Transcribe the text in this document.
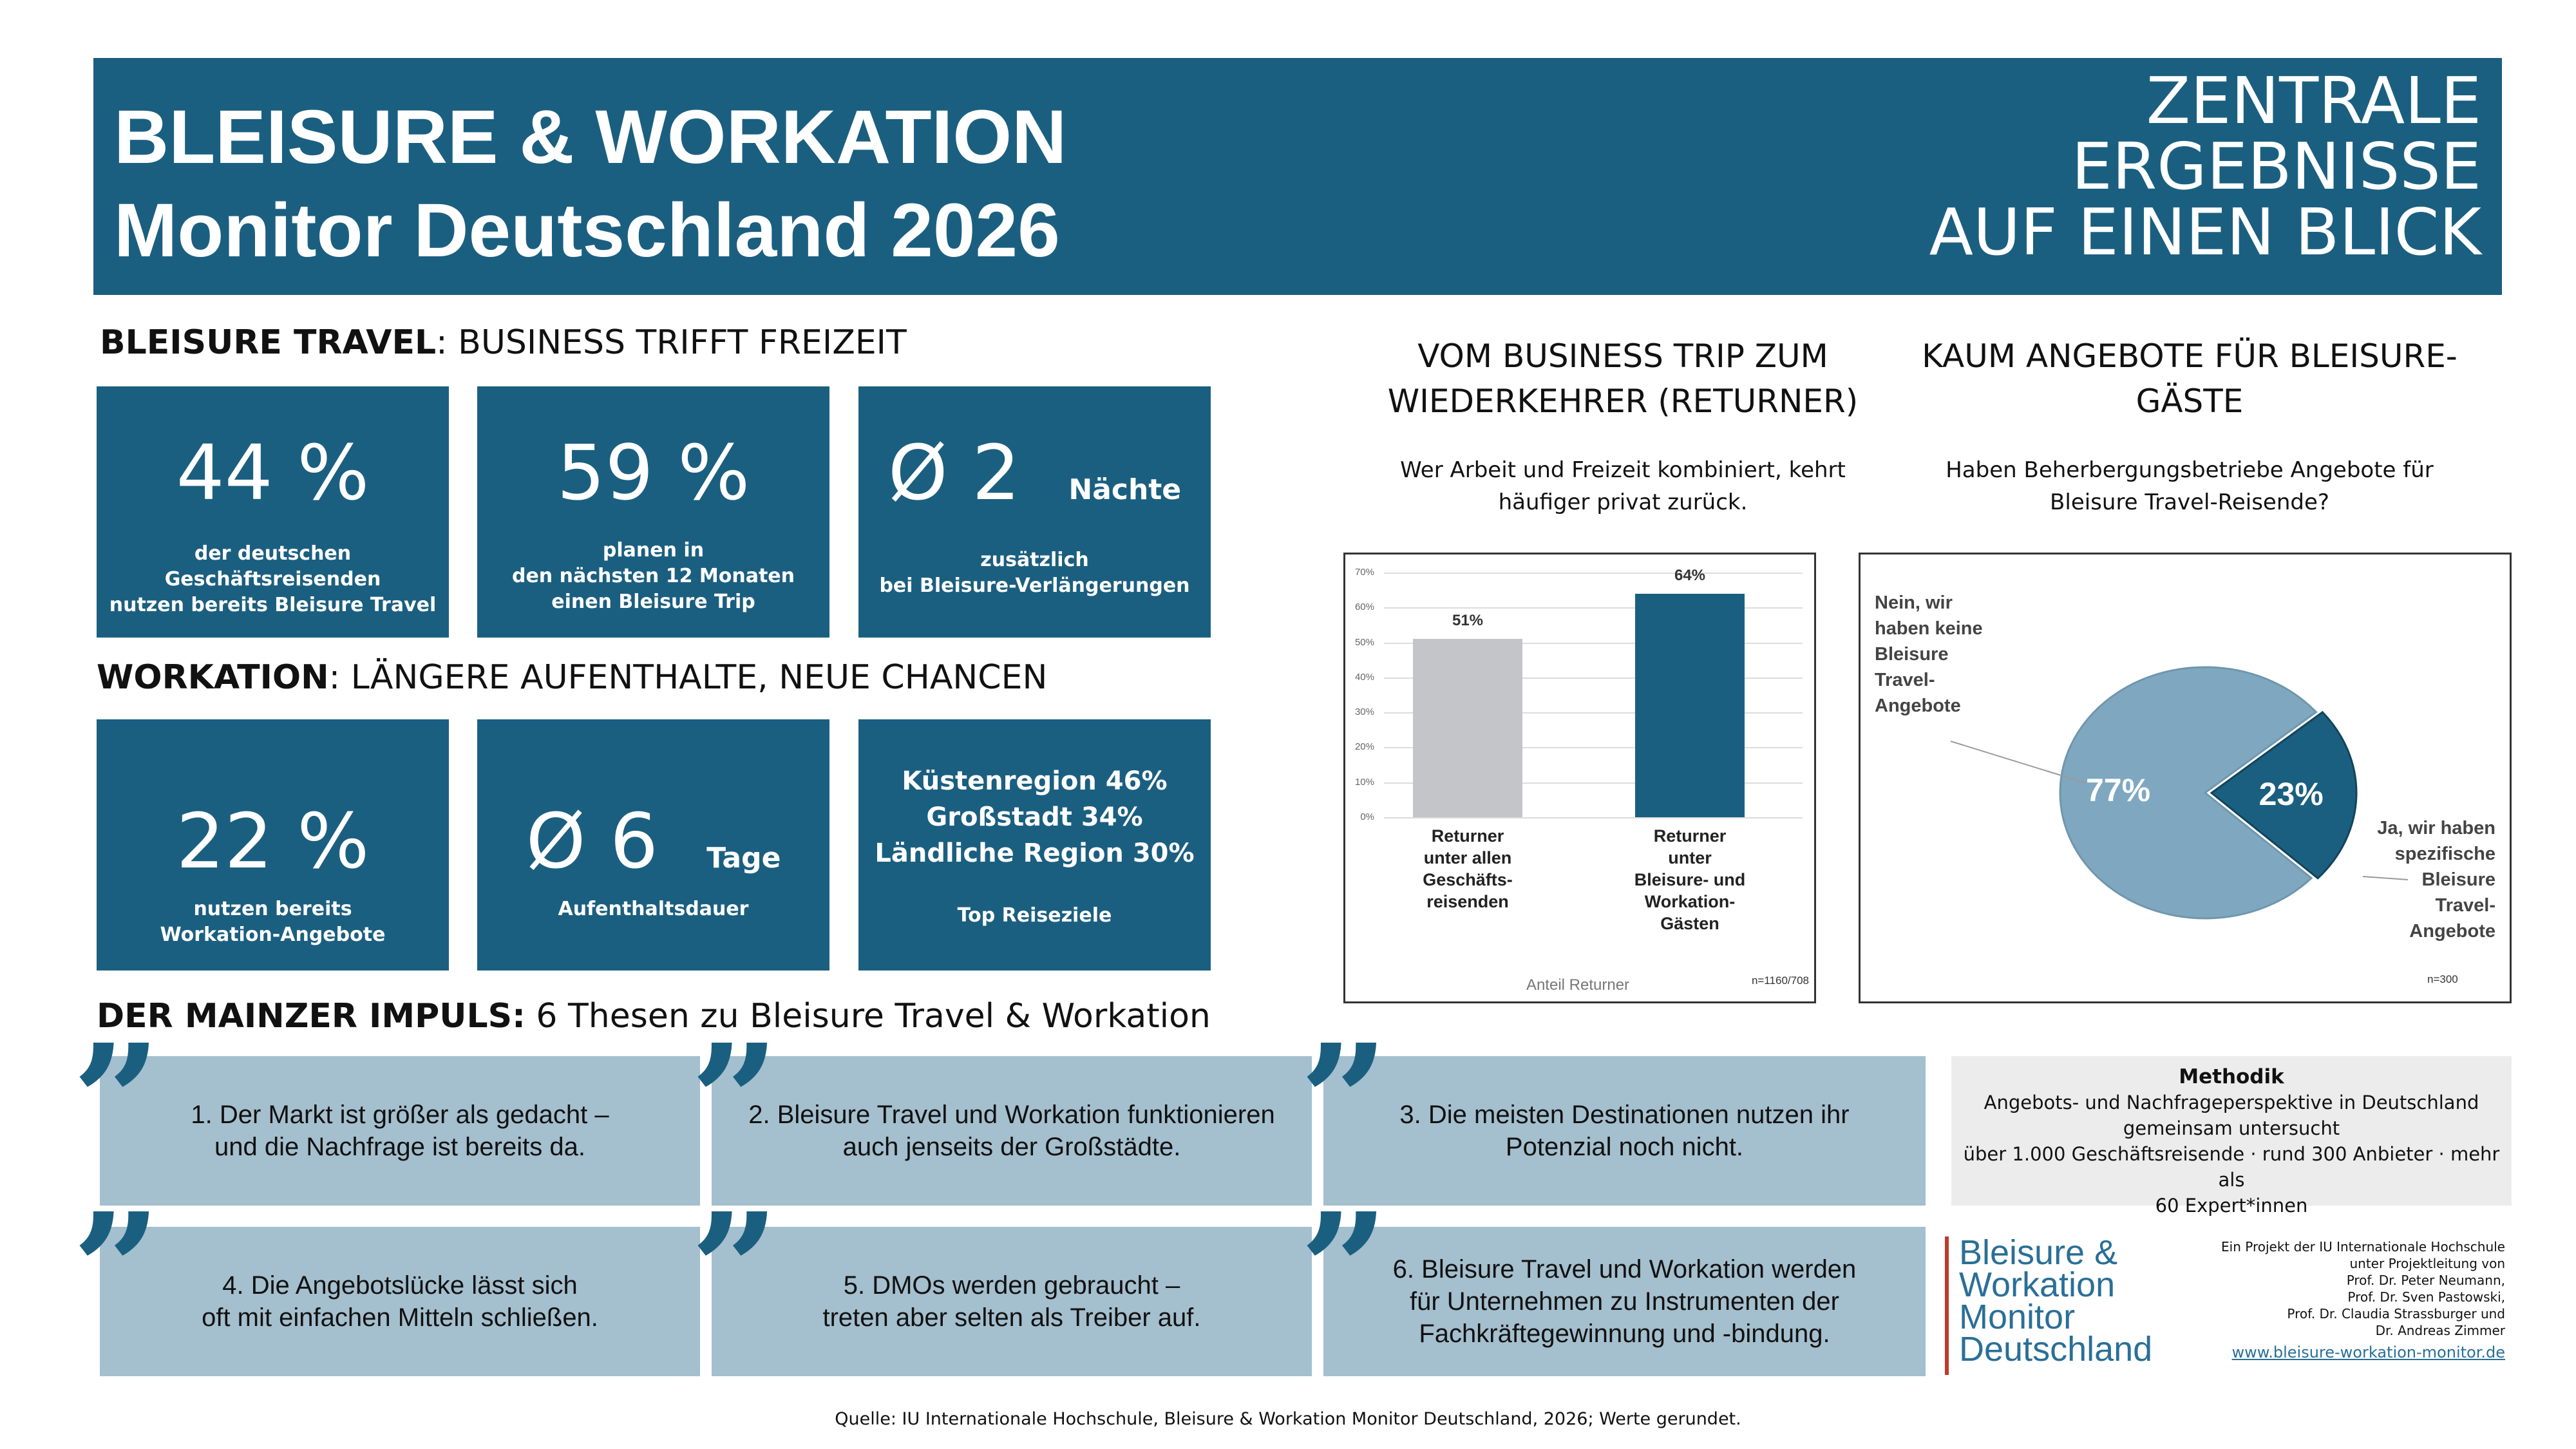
BLEISURE & WORKATION
Monitor Deutschland 2026
ZENTRALE
ERGEBNISSE
AUF EINEN BLICK
BLEISURE TRAVEL: BUSINESS TRIFFT FREIZEIT
44 %
der deutschen Geschäftsreisenden
nutzen bereits Bleisure Travel
59 %
planen in
den nächsten 12 Monaten
einen Bleisure Trip
Ø 2 Nächte
zusätzlich
bei Bleisure-Verlängerungen
WORKATION: LÄNGERE AUFENTHALTE, NEUE CHANCEN
22 %
nutzen bereits
Workation-Angebote
Ø 6 Tage
Aufenthaltsdauer
Küstenregion 46%
Großstadt 34%
Ländliche Region 30%
Top Reiseziele
DER MAINZER IMPULS: 6 Thesen zu Bleisure Travel & Workation
1. Der Markt ist größer als gedacht –
und die Nachfrage ist bereits da.
2. Bleisure Travel und Workation funktionieren
auch jenseits der Großstädte.
3. Die meisten Destinationen nutzen ihr
Potenzial noch nicht.
4. Die Angebotslücke lässt sich
oft mit einfachen Mitteln schließen.
5. DMOs werden gebraucht –
treten aber selten als Treiber auf.
6. Bleisure Travel und Workation werden
für Unternehmen zu Instrumenten der
Fachkräftegewinnung und -bindung.
”	”	”
”	”	”
VOM BUSINESS TRIP ZUM
WIEDERKEHRER (RETURNER)
Wer Arbeit und Freizeit kombiniert, kehrt
häufiger privat zurück.
0%
10%
20%
30%
40%
50%
60%
70%
51%
Returner
unter allen
Geschäfts-
reisenden
64%
Returner
unter
Bleisure- und
Workation-
Gästen
Anteil Returner	n=1160/708
KAUM ANGEBOTE FÜR BLEISURE-
GÄSTE
Haben Beherbergungsbetriebe Angebote für
Bleisure Travel-Reisende?
77%	23%
Nein, wir
haben keine
Bleisure
Travel-
Angebote
Ja, wir haben
spezifische
Bleisure
Travel-
Angebote
n=300
Methodik
Angebots- und Nachfrageperspektive in Deutschland
gemeinsam untersucht
über 1.000 Geschäftsreisende · rund 300 Anbieter · mehr als
60 Expert*innen
Bleisure &
Workation
Monitor
Deutschland
Ein Projekt der IU Internationale Hochschule
unter Projektleitung von
Prof. Dr. Peter Neumann,
Prof. Dr. Sven Pastowski,
Prof. Dr. Claudia Strassburger und
Dr. Andreas Zimmer
www.bleisure-workation-monitor.de
Quelle: IU Internationale Hochschule, Bleisure & Workation Monitor Deutschland, 2026; Werte gerundet.
